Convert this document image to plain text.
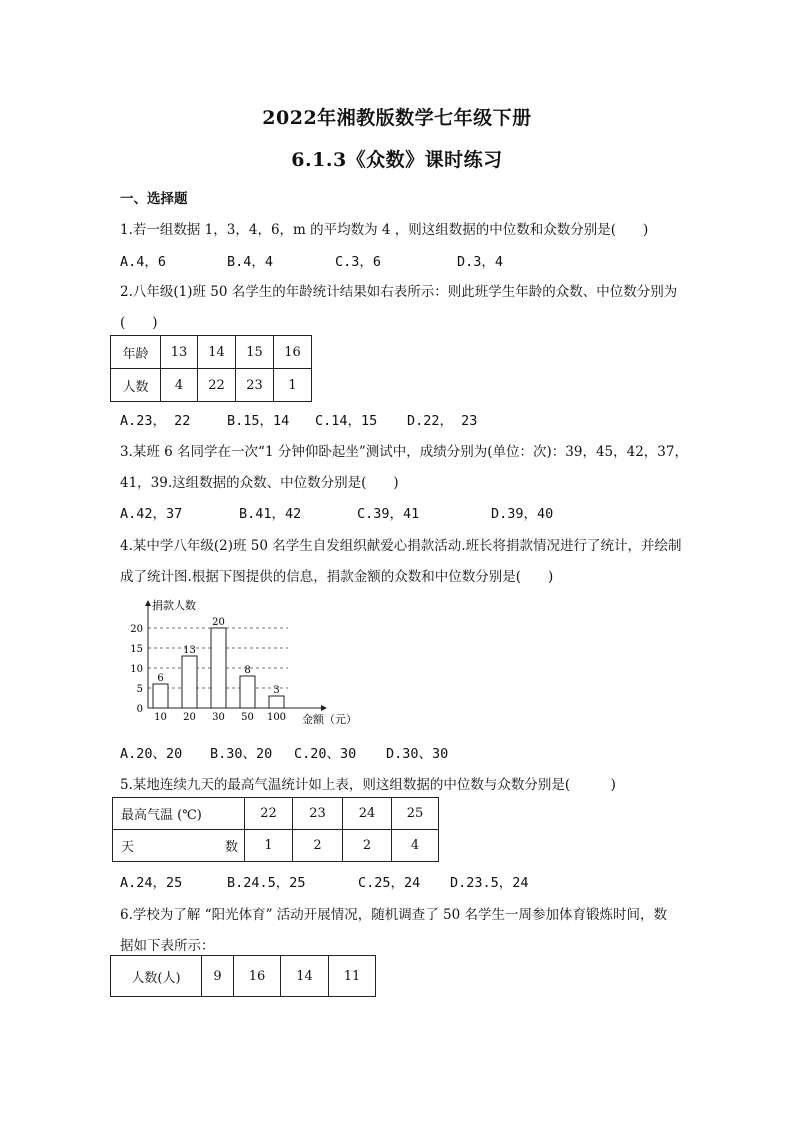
2022年湘教版数学七年级下册
6.1.3《众数》课时练习
一、选择题
1.若一组数据 1，3，4，6，m 的平均数为 4 ，则这组数据的中位数和众数分别是(　　)
A.4，6	B.4，4	C.3，6	D.3，4
2.八年级(1)班 50 名学生的年龄统计结果如右表所示：则此班学生年龄的众数、中位数分别为
(　　)
年龄	13	14	15	16
人数	4	22	23	1
A.23， 22	B.15，14 C.14，15 D.22， 23
3.某班 6 名同学在一次“1 分钟仰卧起坐”测试中，成绩分别为(单位：次)：39，45，42，37，
41，39.这组数据的众数、中位数分别是(　　)
A.42，37	B.41，42	C.39，41	D.39，40
4.某中学八年级(2)班 50 名学生自发组织献爱心捐款活动.班长将捐款情况进行了统计，并绘制
成了统计图.根据下图提供的信息，捐款金额的众数和中位数分别是(　　)
0
5
10
15
20
捐款人数
金额（元）
6
10
13
20
20
30
8
50
3
100
A.20、20 B.30、20 C.20、30 D.30、30
5.某地连续九天的最高气温统计如上表，则这组数据的中位数与众数分别是(　　　)
最高气温 (℃)	22	23	24	25
天 数	1	2	2	4
A.24，25	B.24.5，25	C.25，24 D.23.5，24
6.学校为了解 “阳光体育” 活动开展情况，随机调查了 50 名学生一周参加体育锻炼时间，数
据如下表所示：
人数(人)	9	16	14	11
